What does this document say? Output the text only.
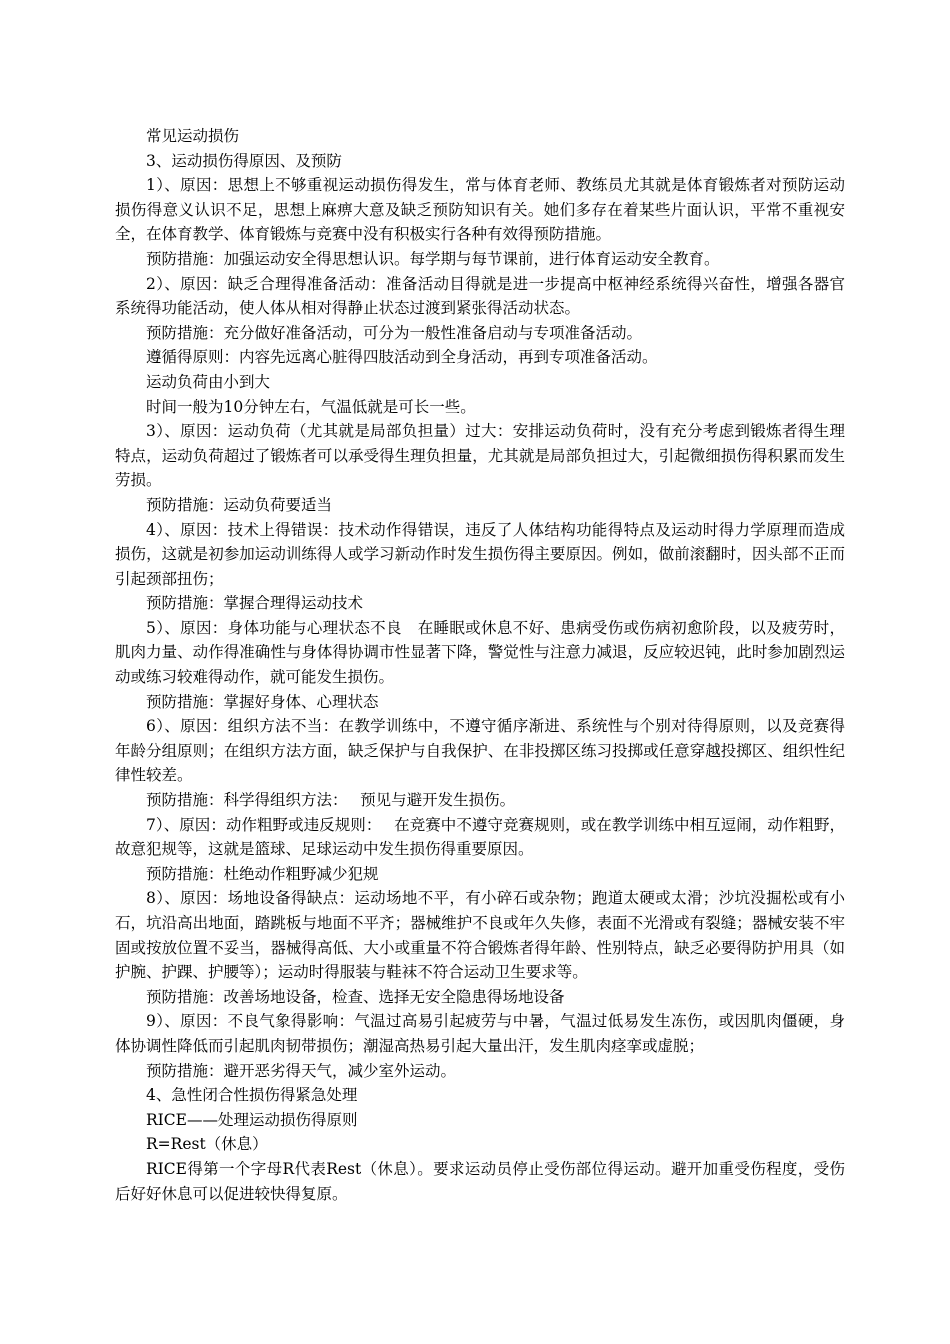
常见运动损伤

3、运动损伤得原因、及预防

1）、原因：思想上不够重视运动损伤得发生，常与体育老师、教练员尤其就是体育锻炼者对预防运动损伤得意义认识不足，思想上麻痹大意及缺乏预防知识有关。她们多存在着某些片面认识，平常不重视安全，在体育教学、体育锻炼与竞赛中没有积极实行各种有效得预防措施。

预防措施：加强运动安全得思想认识。每学期与每节课前，进行体育运动安全教育。

2）、原因：缺乏合理得准备活动：准备活动目得就是进一步提高中枢神经系统得兴奋性，增强各器官系统得功能活动，使人体从相对得静止状态过渡到紧张得活动状态。

预防措施：充分做好准备活动，可分为一般性准备启动与专项准备活动。

遵循得原则：内容先远离心脏得四肢活动到全身活动，再到专项准备活动。

运动负荷由小到大

时间一般为10分钟左右，气温低就是可长一些。

3）、原因：运动负荷（尤其就是局部负担量）过大：安排运动负荷时，没有充分考虑到锻炼者得生理特点，运动负荷超过了锻炼者可以承受得生理负担量，尤其就是局部负担过大，引起微细损伤得积累而发生劳损。

预防措施：运动负荷要适当

4）、原因：技术上得错误：技术动作得错误，违反了人体结构功能得特点及运动时得力学原理而造成损伤，这就是初参加运动训练得人或学习新动作时发生损伤得主要原因。例如，做前滚翻时，因头部不正而引起颈部扭伤；

预防措施：掌握合理得运动技术

5）、原因：身体功能与心理状态不良　在睡眠或休息不好、患病受伤或伤病初愈阶段，以及疲劳时，肌肉力量、动作得准确性与身体得协调市性显著下降，警觉性与注意力减退，反应较迟钝，此时参加剧烈运动或练习较难得动作，就可能发生损伤。

预防措施：掌握好身体、心理状态

6）、原因：组织方法不当：在教学训练中，不遵守循序渐进、系统性与个别对待得原则，以及竞赛得年龄分组原则；在组织方法方面，缺乏保护与自我保护、在非投掷区练习投掷或任意穿越投掷区、组织性纪律性较差。

预防措施：科学得组织方法：　 预见与避开发生损伤。

7）、原因：动作粗野或违反规则：　 在竞赛中不遵守竞赛规则，或在教学训练中相互逗闹，动作粗野，故意犯规等，这就是篮球、足球运动中发生损伤得重要原因。

预防措施：杜绝动作粗野减少犯规

8）、原因：场地设备得缺点：运动场地不平，有小碎石或杂物；跑道太硬或太滑；沙坑没掘松或有小石，坑沿高出地面，踏跳板与地面不平齐；器械维护不良或年久失修，表面不光滑或有裂缝；器械安装不牢固或按放位置不妥当，器械得高低、大小或重量不符合锻炼者得年龄、性别特点，缺乏必要得防护用具（如护腕、护踝、护腰等）；运动时得服装与鞋袜不符合运动卫生要求等。

预防措施：改善场地设备，检查、选择无安全隐患得场地设备

9）、原因：不良气象得影响：气温过高易引起疲劳与中暑，气温过低易发生冻伤，或因肌肉僵硬，身体协调性降低而引起肌肉韧带损伤；潮湿高热易引起大量出汗，发生肌肉痉挛或虚脱；

预防措施：避开恶劣得天气，减少室外运动。

4、急性闭合性损伤得紧急处理

RICE——处理运动损伤得原则

R=Rest（休息）

RICE得第一个字母R代表Rest（休息）。要求运动员停止受伤部位得运动。避开加重受伤程度，受伤后好好休息可以促进较快得复原。
